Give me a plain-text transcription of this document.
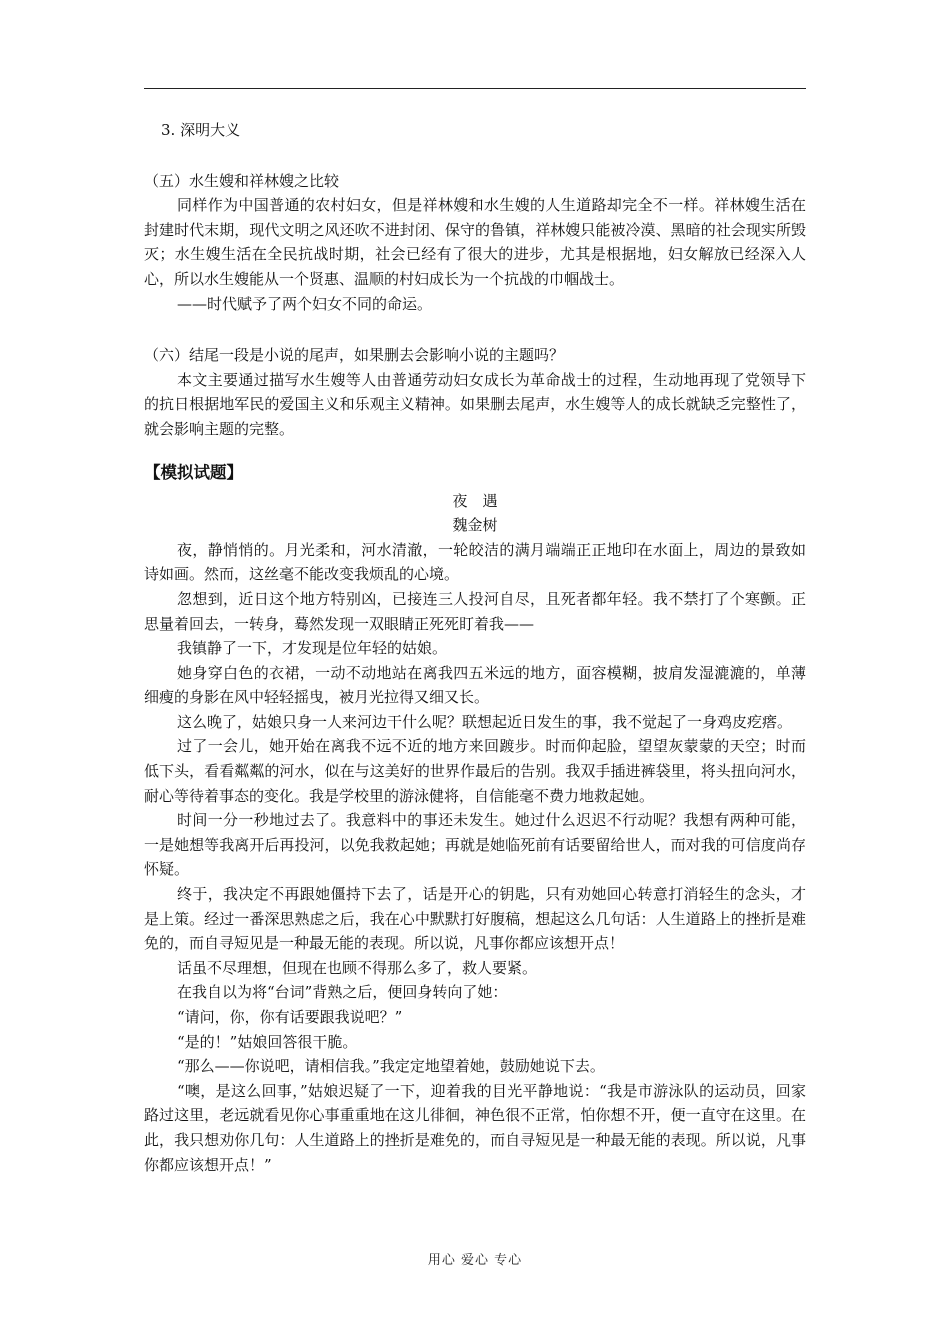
3. 深明大义

（五）水生嫂和祥林嫂之比较

同样作为中国普通的农村妇女，但是祥林嫂和水生嫂的人生道路却完全不一样。祥林嫂生活在封建时代末期，现代文明之风还吹不进封闭、保守的鲁镇，祥林嫂只能被冷漠、黑暗的社会现实所毁灭；水生嫂生活在全民抗战时期，社会已经有了很大的进步，尤其是根据地，妇女解放已经深入人心，所以水生嫂能从一个贤惠、温顺的村妇成长为一个抗战的巾帼战士。

——时代赋予了两个妇女不同的命运。

（六）结尾一段是小说的尾声，如果删去会影响小说的主题吗？

本文主要通过描写水生嫂等人由普通劳动妇女成长为革命战士的过程，生动地再现了党领导下的抗日根据地军民的爱国主义和乐观主义精神。如果删去尾声，水生嫂等人的成长就缺乏完整性了，就会影响主题的完整。

【模拟试题】

夜　遇

魏金树

夜，静悄悄的。月光柔和，河水清澈，一轮皎洁的满月端端正正地印在水面上，周边的景致如诗如画。然而，这丝毫不能改变我烦乱的心境。

忽想到，近日这个地方特别凶，已接连三人投河自尽，且死者都年轻。我不禁打了个寒颤。正思量着回去，一转身，蓦然发现一双眼睛正死死盯着我——

我镇静了一下，才发现是位年轻的姑娘。

她身穿白色的衣裙，一动不动地站在离我四五米远的地方，面容模糊，披肩发湿漉漉的，单薄细瘦的身影在风中轻轻摇曳，被月光拉得又细又长。

这么晚了，姑娘只身一人来河边干什么呢？联想起近日发生的事，我不觉起了一身鸡皮疙瘩。

过了一会儿，她开始在离我不远不近的地方来回踱步。时而仰起脸，望望灰蒙蒙的天空；时而低下头，看看粼粼的河水，似在与这美好的世界作最后的告别。我双手插进裤袋里，将头扭向河水，耐心等待着事态的变化。我是学校里的游泳健将，自信能毫不费力地救起她。

时间一分一秒地过去了。我意料中的事还未发生。她过什么迟迟不行动呢？我想有两种可能，一是她想等我离开后再投河，以免我救起她；再就是她临死前有话要留给世人，而对我的可信度尚存怀疑。

终于，我决定不再跟她僵持下去了，话是开心的钥匙，只有劝她回心转意打消轻生的念头，才是上策。经过一番深思熟虑之后，我在心中默默打好腹稿，想起这么几句话：人生道路上的挫折是难免的，而自寻短见是一种最无能的表现。所以说，凡事你都应该想开点！

话虽不尽理想，但现在也顾不得那么多了，救人要紧。

在我自以为将“台词”背熟之后，便回身转向了她：

“请问，你，你有话要跟我说吧？”

“是的！”姑娘回答很干脆。

“那么——你说吧，请相信我。”我定定地望着她，鼓励她说下去。

“噢，是这么回事，”姑娘迟疑了一下，迎着我的目光平静地说：“我是市游泳队的运动员，回家路过这里，老远就看见你心事重重地在这儿徘徊，神色很不正常，怕你想不开，便一直守在这里。在此，我只想劝你几句：人生道路上的挫折是难免的，而自寻短见是一种最无能的表现。所以说，凡事你都应该想开点！”

用心 爱心 专心
